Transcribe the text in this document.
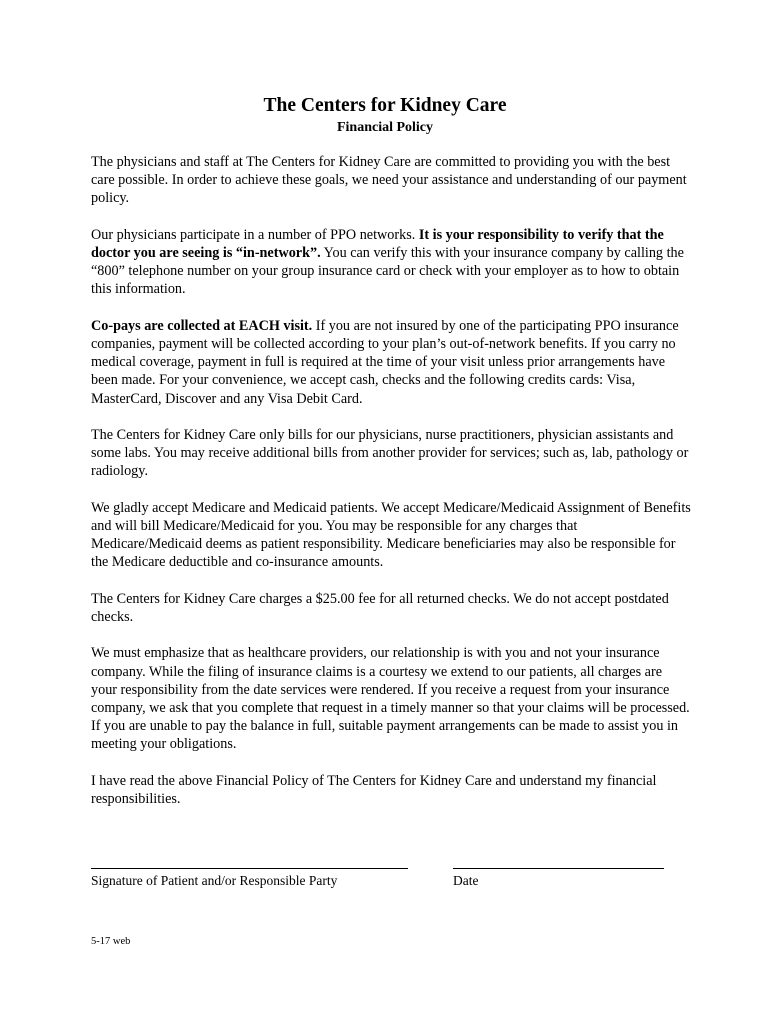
The Centers for Kidney Care
Financial Policy

The physicians and staff at The Centers for Kidney Care are committed to providing you with the best care possible. In order to achieve these goals, we need your assistance and understanding of our payment policy.

Our physicians participate in a number of PPO networks. It is your responsibility to verify that the doctor you are seeing is “in-network”. You can verify this with your insurance company by calling the “800” telephone number on your group insurance card or check with your employer as to how to obtain this information.

Co-pays are collected at EACH visit. If you are not insured by one of the participating PPO insurance companies, payment will be collected according to your plan’s out-of-network benefits. If you carry no medical coverage, payment in full is required at the time of your visit unless prior arrangements have been made. For your convenience, we accept cash, checks and the following credits cards: Visa, MasterCard, Discover and any Visa Debit Card.

The Centers for Kidney Care only bills for our physicians, nurse practitioners, physician assistants and some labs. You may receive additional bills from another provider for services; such as, lab, pathology or radiology.

We gladly accept Medicare and Medicaid patients. We accept Medicare/Medicaid Assignment of Benefits and will bill Medicare/Medicaid for you. You may be responsible for any charges that Medicare/Medicaid deems as patient responsibility. Medicare beneficiaries may also be responsible for the Medicare deductible and co-insurance amounts.

The Centers for Kidney Care charges a $25.00 fee for all returned checks. We do not accept postdated checks.

We must emphasize that as healthcare providers, our relationship is with you and not your insurance company. While the filing of insurance claims is a courtesy we extend to our patients, all charges are your responsibility from the date services were rendered. If you receive a request from your insurance company, we ask that you complete that request in a timely manner so that your claims will be processed. If you are unable to pay the balance in full, suitable payment arrangements can be made to assist you in meeting your obligations.

I have read the above Financial Policy of The Centers for Kidney Care and understand my financial responsibilities.

Signature of Patient and/or Responsible Party	Date
5-17 web
